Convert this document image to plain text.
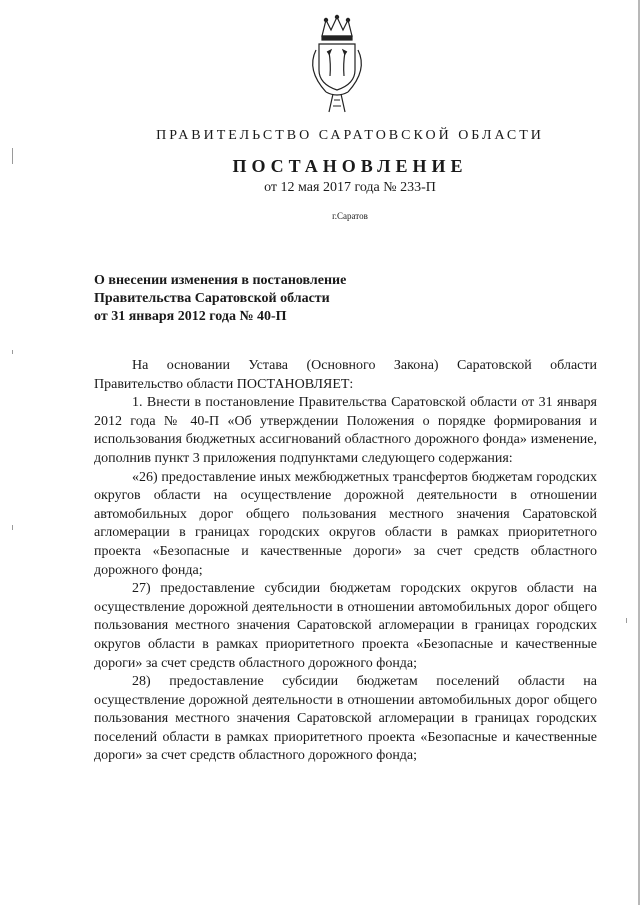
ПРАВИТЕЛЬСТВО САРАТОВСКОЙ ОБЛАСТИ
ПОСТАНОВЛЕНИЕ
от 12 мая 2017 года № 233-П
г.Саратов
О внесении изменения в постановление
Правительства Саратовской области
от 31 января 2012 года № 40-П

На основании Устава (Основного Закона) Саратовской области Правительство области ПОСТАНОВЛЯЕТ:

1. Внести в постановление Правительства Саратовской области от 31 января 2012 года № 40-П «Об утверждении Положения о порядке формирования и использования бюджетных ассигнований областного дорожного фонда» изменение, дополнив пункт 3 приложения подпунктами следующего содержания:

«26) предоставление иных межбюджетных трансфертов бюджетам городских округов области на осуществление дорожной деятельности в отношении автомобильных дорог общего пользования местного значения Саратовской агломерации в границах городских округов области в рамках приоритетного проекта «Безопасные и качественные дороги» за счет средств областного дорожного фонда;

27) предоставление субсидии бюджетам городских округов области на осуществление дорожной деятельности в отношении автомобильных дорог общего пользования местного значения Саратовской агломерации в границах городских округов области в рамках приоритетного проекта «Безопасные и качественные дороги» за счет средств областного дорожного фонда;

28) предоставление субсидии бюджетам поселений области на осуществление дорожной деятельности в отношении автомобильных дорог общего пользования местного значения Саратовской агломерации в границах городских поселений области в рамках приоритетного проекта «Безопасные и качественные дороги» за счет средств областного дорожного фонда;
